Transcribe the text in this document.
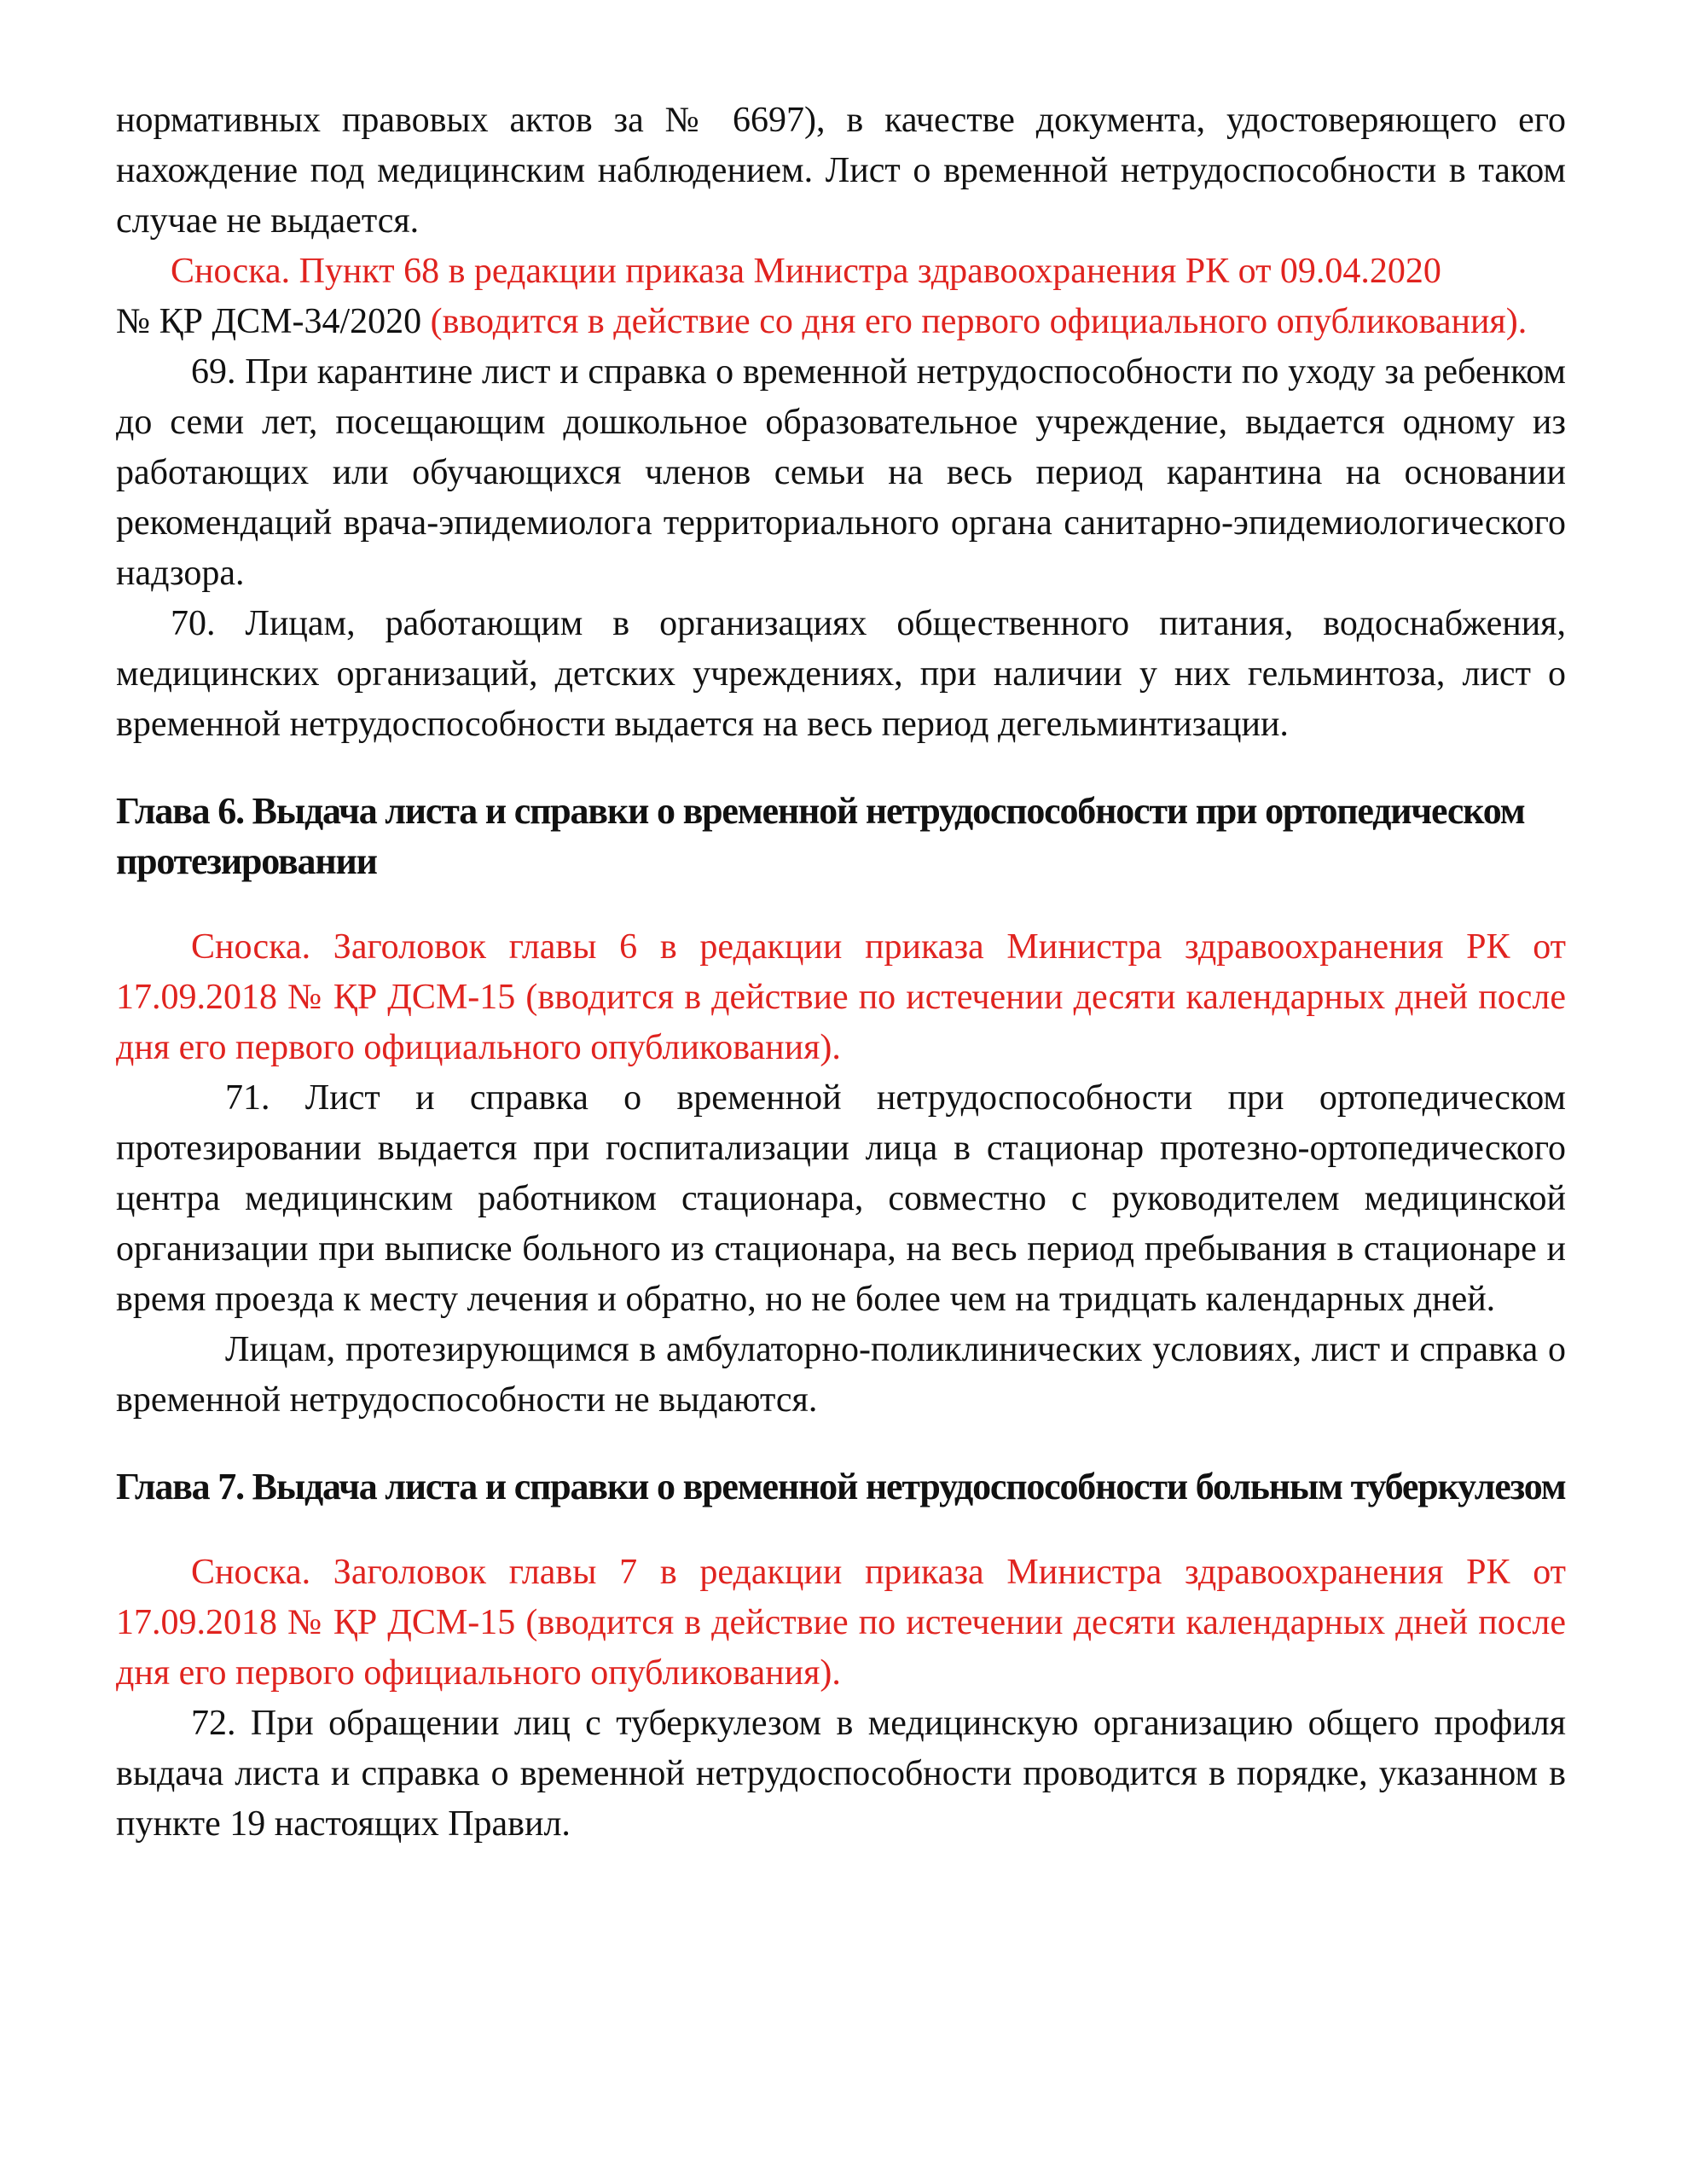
нормативных правовых актов за № 6697), в качестве документа, удостоверяющего его нахождение под медицинским наблюдением. Лист о временной нетрудоспособности в таком случае не выдается.

Сноска. Пункт 68 в редакции приказа Министра здравоохранения РК от 09.04.2020
№ ҚР ДСМ-34/2020 (вводится в действие со дня его первого официального опубликования).

69. При карантине лист и справка о временной нетрудоспособности по уходу за ребенком до семи лет, посещающим дошкольное образовательное учреждение, выдается одному из работающих или обучающихся членов семьи на весь период карантина на основании рекомендаций врача-эпидемиолога территориального органа санитарно-эпидемиологического надзора.

70. Лицам, работающим в организациях общественного питания, водоснабжения, медицинских организаций, детских учреждениях, при наличии у них гельминтоза, лист о временной нетрудоспособности выдается на весь период дегельминтизации.

Глава 6. Выдача листа и справки о временной нетрудоспособности при ортопедическом протезировании

Сноска. Заголовок главы 6 в редакции приказа Министра здравоохранения РК от 17.09.2018 № ҚР ДСМ-15 (вводится в действие по истечении десяти календарных дней после дня его первого официального опубликования).

71. Лист и справка о временной нетрудоспособности при ортопедическом протезировании выдается при госпитализации лица в стационар протезно-ортопедического центра медицинским работником стационара, совместно с руководителем медицинской организации при выписке больного из стационара, на весь период пребывания в стационаре и время проезда к месту лечения и обратно, но не более чем на тридцать календарных дней.

Лицам, протезирующимся в амбулаторно-поликлинических условиях, лист и справка о временной нетрудоспособности не выдаются.

Глава 7. Выдача листа и справки о временной нетрудоспособности больным туберкулезом

Сноска. Заголовок главы 7 в редакции приказа Министра здравоохранения РК от 17.09.2018 № ҚР ДСМ-15 (вводится в действие по истечении десяти календарных дней после дня его первого официального опубликования).

72. При обращении лиц с туберкулезом в медицинскую организацию общего профиля выдача листа и справка о временной нетрудоспособности проводится в порядке, указанном в пункте 19 настоящих Правил.
